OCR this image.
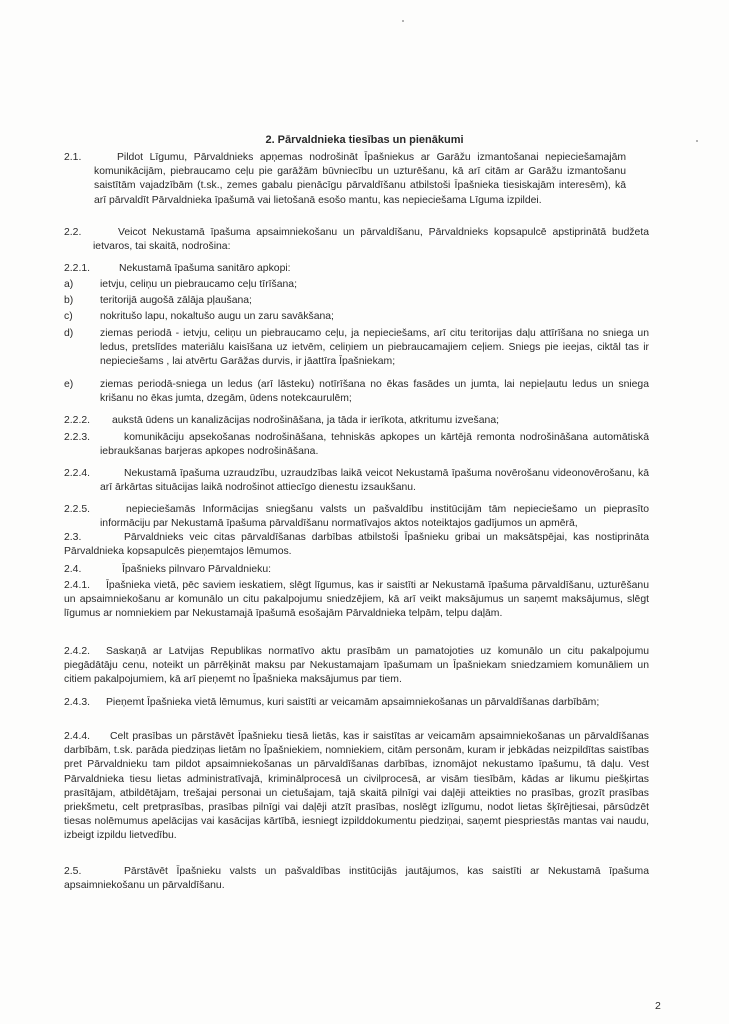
2. Pārvaldnieka tiesības un pienākumi
2.1.	Pildot Līgumu, Pārvaldnieks apņemas nodrošināt Īpašniekus ar Garāžu izmantošanai nepieciešamajām komunikācijām, piebraucamo ceļu pie garāžām būvniecību un uzturēšanu, kā arī citām ar Garāžu izmantošanu saistītām vajadzībām (t.sk., zemes gabalu pienācīgu pārvaldīšanu atbilstoši Īpašnieka tiesiskajām interesēm), kā arī pārvaldīt Pārvaldnieka īpašumā vai lietošanā esošo mantu, kas nepieciešama Līguma izpildei.
2.2.	Veicot Nekustamā īpašuma apsaimniekošanu un pārvaldīšanu, Pārvaldnieks kopsapulcē apstiprinātā budžeta ietvaros, tai skaitā, nodrošina:
2.2.1.	Nekustamā īpašuma sanitāro apkopi:
a)	ietvju, celiņu un piebraucamo ceļu tīrīšana;
b)	teritorijā augošā zālāja pļaušana;
c)	nokritušo lapu, nokaltušo augu un zaru savākšana;
d)	ziemas periodā - ietvju, celiņu un piebraucamo ceļu, ja nepieciešams, arī citu teritorijas daļu attīrīšana no sniega un ledus, pretslīdes materiālu kaisīšana uz ietvēm, celiņiem un piebraucamajiem ceļiem. Sniegs pie ieejas, ciktāl tas ir nepieciešams , lai atvērtu Garāžas durvis, ir jāattīra Īpašniekam;
e)	ziemas periodā-sniega un ledus (arī lāsteku) notīrīšana no ēkas fasādes un jumta, lai nepieļautu ledus un sniega krišanu no ēkas jumta, dzegām, ūdens notekcaurulēm;
2.2.2. aukstā ūdens un kanalizācijas nodrošināšana, ja tāda ir ierīkota, atkritumu izvešana;
2.2.3.	komunikāciju apsekošanas nodrošināšana, tehniskās apkopes un kārtējā remonta nodrošināšana automātiskā iebraukšanas barjeras apkopes nodrošināšana.
2.2.4.	Nekustamā īpašuma uzraudzību, uzraudzības laikā veicot Nekustamā īpašuma novērošanu videonovērošanu, kā arī ārkārtas situācijas laikā nodrošinot attiecīgo dienestu izsaukšanu.
2.2.5.	nepieciešamās Informācijas sniegšanu valsts un pašvaldību institūcijām tām nepieciešamo un pieprasīto informāciju par Nekustamā īpašuma pārvaldīšanu normatīvajos aktos noteiktajos gadījumos un apmērā,
2.3.	Pārvaldnieks veic citas pārvaldīšanas darbības atbilstoši Īpašnieku gribai un maksātspējai, kas nostiprināta Pārvaldnieka kopsapulcēs pieņemtajos lēmumos.
2.4.	Īpašnieks pilnvaro Pārvaldnieku:
2.4.1.	Īpašnieka vietā, pēc saviem ieskatiem, slēgt līgumus, kas ir saistīti ar Nekustamā īpašuma pārvaldīšanu, uzturēšanu un apsaimniekošanu ar komunālo un citu pakalpojumu sniedzējiem, kā arī veikt maksājumus un saņemt maksājumus, slēgt līgumus ar nomniekiem par Nekustamajā īpašumā esošajām Pārvaldnieka telpām, telpu daļām.
2.4.2.	Saskaņā ar Latvijas Republikas normatīvo aktu prasībām un pamatojoties uz komunālo un citu pakalpojumu piegādātāju cenu, noteikt un pārrēķināt maksu par Nekustamajam īpašumam un Īpašniekam sniedzamiem komunāliem un citiem pakalpojumiem, kā arī pieņemt no Īpašnieka maksājumus par tiem.
2.4.3.	Pieņemt Īpašnieka vietā lēmumus, kuri saistīti ar veicamām apsaimniekošanas un pārvaldīšanas darbībām;
2.4.4.	Celt prasības un pārstāvēt Īpašnieku tiesā lietās, kas ir saistītas ar veicamām apsaimniekošanas un pārvaldīšanas darbībām, t.sk. parāda piedziņas lietām no Īpašniekiem, nomniekiem, citām personām, kuram ir jebkādas neizpildītas saistības pret Pārvaldnieku tam pildot apsaimniekošanas un pārvaldīšanas darbības, iznomājot nekustamo īpašumu, tā daļu. Vest Pārvaldnieka tiesu lietas administratīvajā, kriminālprocesā un civilprocesā, ar visām tiesībām, kādas ar likumu piešķirtas prasītājam, atbildētājam, trešajai personai un cietušajam, tajā skaitā pilnīgi vai daļēji atteikties no prasības, grozīt prasības priekšmetu, celt pretprasības, prasības pilnīgi vai daļēji atzīt prasības, noslēgt izlīgumu, nodot lietas šķīrējtiesai, pārsūdzēt tiesas nolēmumus apelācijas vai kasācijas kārtībā, iesniegt izpilddokumentu piedziņai, saņemt piespriestās mantas vai naudu, izbeigt izpildu lietvedību.
2.5.	Pārstāvēt Īpašnieku valsts un pašvaldības institūcijās jautājumos, kas saistīti ar Nekustamā īpašuma apsaimniekošanu un pārvaldīšanu.
2
